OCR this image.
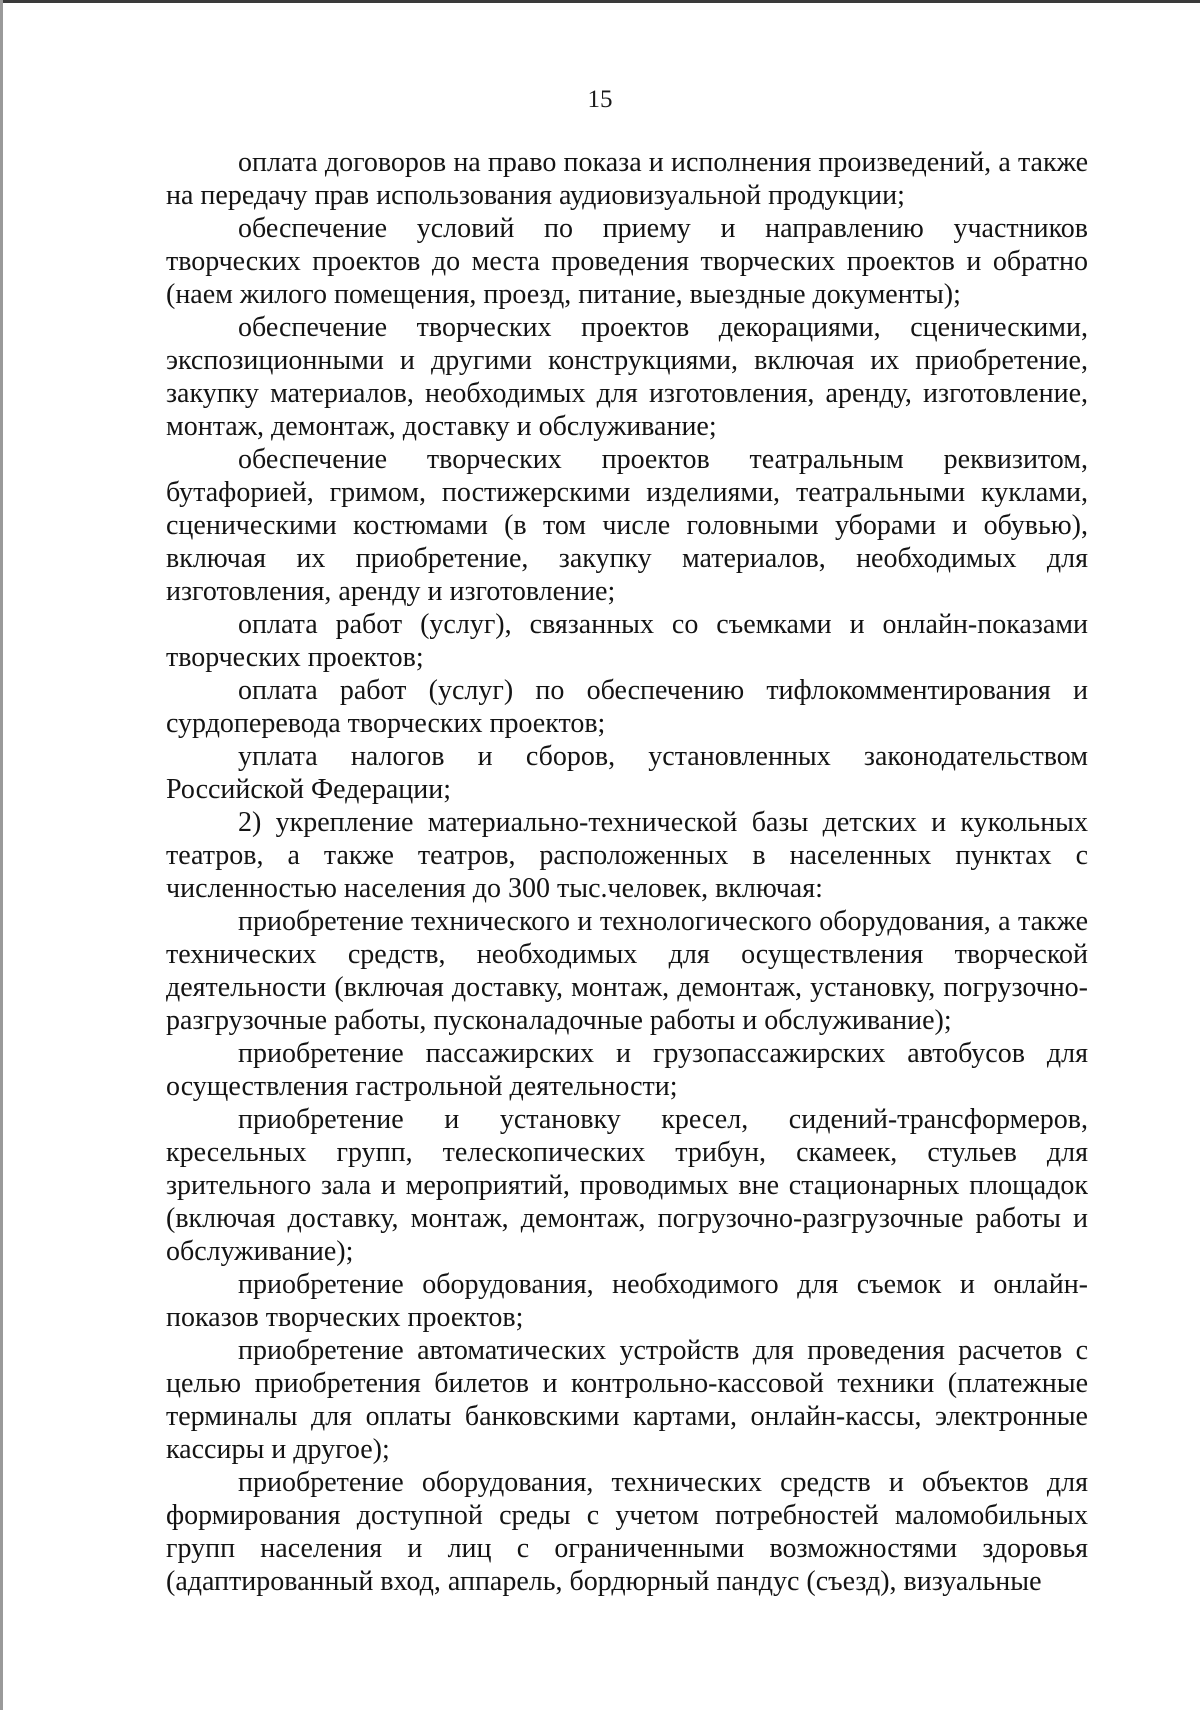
15

оплата договоров на право показа и исполнения произведений, а также на передачу прав использования аудиовизуальной продукции;

обеспечение условий по приему и направлению участников творческих проектов до места проведения творческих проектов и обратно (наем жилого помещения, проезд, питание, выездные документы);

обеспечение творческих проектов декорациями, сценическими, экспозиционными и другими конструкциями, включая их приобретение, закупку материалов, необходимых для изготовления, аренду, изготовление, монтаж, демонтаж, доставку и обслуживание;

обеспечение творческих проектов театральным реквизитом, бутафорией, гримом, постижерскими изделиями, театральными куклами, сценическими костюмами (в том числе головными уборами и обувью), включая их приобретение, закупку материалов, необходимых для изготовления, аренду и изготовление;

оплата работ (услуг), связанных со съемками и онлайн-показами творческих проектов;

оплата работ (услуг) по обеспечению тифлокомментирования и сурдоперевода творческих проектов;

уплата налогов и сборов, установленных законодательством Российской Федерации;

2) укрепление материально-технической базы детских и кукольных театров, а также театров, расположенных в населенных пунктах с численностью населения до 300 тыс.человек, включая:

приобретение технического и технологического оборудования, а также технических средств, необходимых для осуществления творческой деятельности (включая доставку, монтаж, демонтаж, установку, погрузочно-разгрузочные работы, пусконаладочные работы и обслуживание);

приобретение пассажирских и грузопассажирских автобусов для осуществления гастрольной деятельности;

приобретение и установку кресел, сидений-трансформеров, кресельных групп, телескопических трибун, скамеек, стульев для зрительного зала и мероприятий, проводимых вне стационарных площадок (включая доставку, монтаж, демонтаж, погрузочно-разгрузочные работы и обслуживание);

приобретение оборудования, необходимого для съемок и онлайн-показов творческих проектов;

приобретение автоматических устройств для проведения расчетов с целью приобретения билетов и контрольно-кассовой техники (платежные терминалы для оплаты банковскими картами, онлайн-кассы, электронные кассиры и другое);

приобретение оборудования, технических средств и объектов для формирования доступной среды с учетом потребностей маломобильных групп населения и лиц с ограниченными возможностями здоровья (адаптированный вход, аппарель, бордюрный пандус (съезд), визуальные
